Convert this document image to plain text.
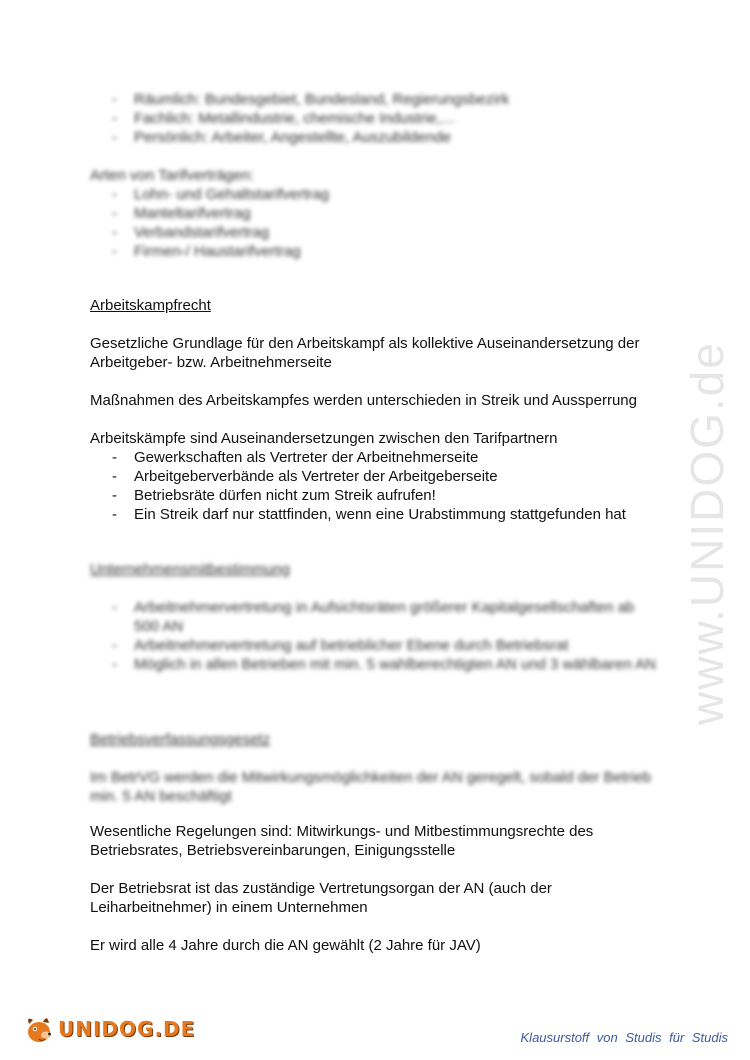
- Räumlich: Bundesgebiet, Bundesland, Regierungsbezirk
- Fachlich: Metallindustrie, chemische Industrie,…
- Persönlich: Arbeiter, Angestellte, Auszubildende

Arten von Tarifverträgen:

- Lohn- und Gehaltstarifvertrag
- Manteltarifvertrag
- Verbandstarifvertrag
- Firmen-/ Haustarifvertrag

Arbeitskampfrecht

Gesetzliche Grundlage für den Arbeitskampf als kollektive Auseinandersetzung der Arbeitgeber- bzw. Arbeitnehmerseite

Maßnahmen des Arbeitskampfes werden unterschieden in Streik und Aussperrung

Arbeitskämpfe sind Auseinandersetzungen zwischen den Tarifpartnern

- Gewerkschaften als Vertreter der Arbeitnehmerseite
- Arbeitgeberverbände als Vertreter der Arbeitgeberseite
- Betriebsräte dürfen nicht zum Streik aufrufen!
- Ein Streik darf nur stattfinden, wenn eine Urabstimmung stattgefunden hat

Unternehmensmitbestimmung

- Arbeitnehmervertretung in Aufsichtsräten größerer Kapitalgesellschaften ab 500 AN
- Arbeitnehmervertretung auf betrieblicher Ebene durch Betriebsrat
- Möglich in allen Betrieben mit min. 5 wahlberechtigten AN und 3 wählbaren AN

Betriebsverfassungsgesetz

Im BetrVG werden die Mitwirkungsmöglichkeiten der AN geregelt, sobald der Betrieb min. 5 AN beschäftigt

Wesentliche Regelungen sind: Mitwirkungs- und Mitbestimmungsrechte des Betriebsrates, Betriebsvereinbarungen, Einigungsstelle

Der Betriebsrat ist das zuständige Vertretungsorgan der AN (auch der Leiharbeitnehmer) in einem Unternehmen

Er wird alle 4 Jahre durch die AN gewählt (2 Jahre für JAV)

www.UNIDOG.de
UNIDOG.DE	Klausurstoff von Studis für Studis
